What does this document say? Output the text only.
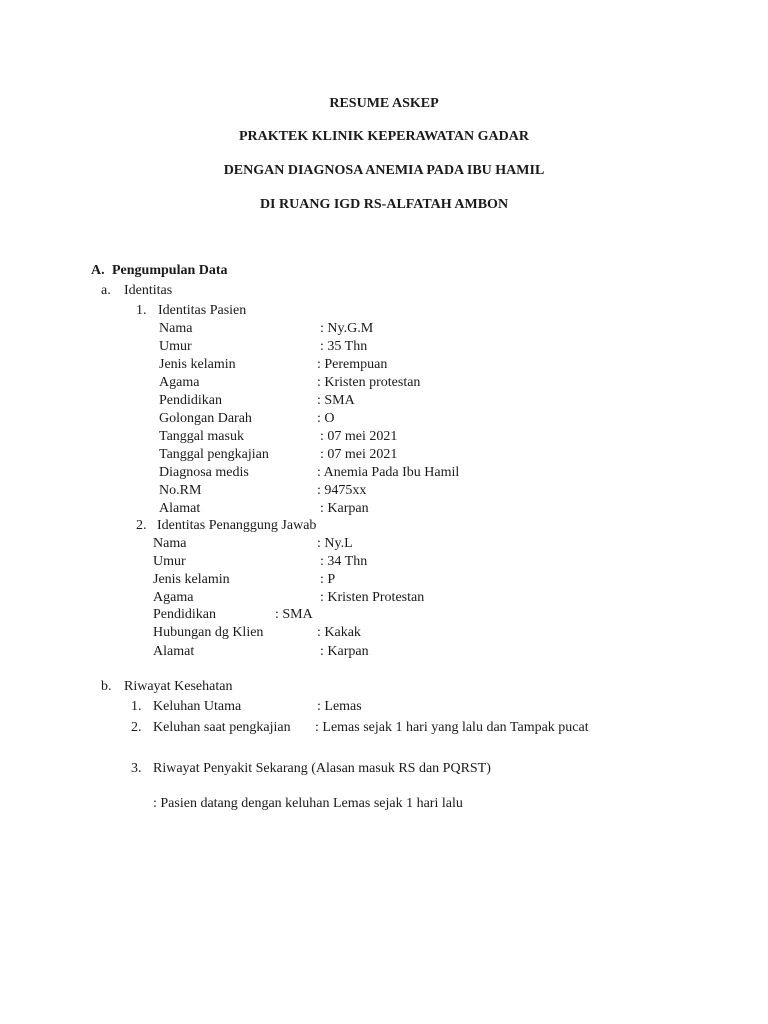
RESUME ASKEP
PRAKTEK KLINIK KEPERAWATAN GADAR
DENGAN DIAGNOSA ANEMIA PADA IBU HAMIL
DI RUANG IGD RS-ALFATAH AMBON
A. Pengumpulan Data
a. Identitas
1. Identitas Pasien
Nama	: Ny.G.M
Umur	: 35 Thn
Jenis kelamin	: Perempuan
Agama	: Kristen protestan
Pendidikan	: SMA
Golongan Darah	: O
Tanggal masuk	: 07 mei 2021
Tanggal pengkajian	: 07 mei 2021
Diagnosa medis	: Anemia Pada Ibu Hamil
No.RM	: 9475xx
Alamat	: Karpan
2. Identitas Penanggung Jawab
Nama	: Ny.L
Umur	: 34 Thn
Jenis kelamin	: P
Agama	: Kristen Protestan
Pendidikan	: SMA
Hubungan dg Klien	: Kakak
Alamat	: Karpan
b. Riwayat Kesehatan
1. Keluhan Utama	: Lemas
2. Keluhan saat pengkajian : Lemas sejak 1 hari yang lalu dan Tampak pucat
3. Riwayat Penyakit Sekarang (Alasan masuk RS dan PQRST)
: Pasien datang dengan keluhan Lemas sejak 1 hari lalu
